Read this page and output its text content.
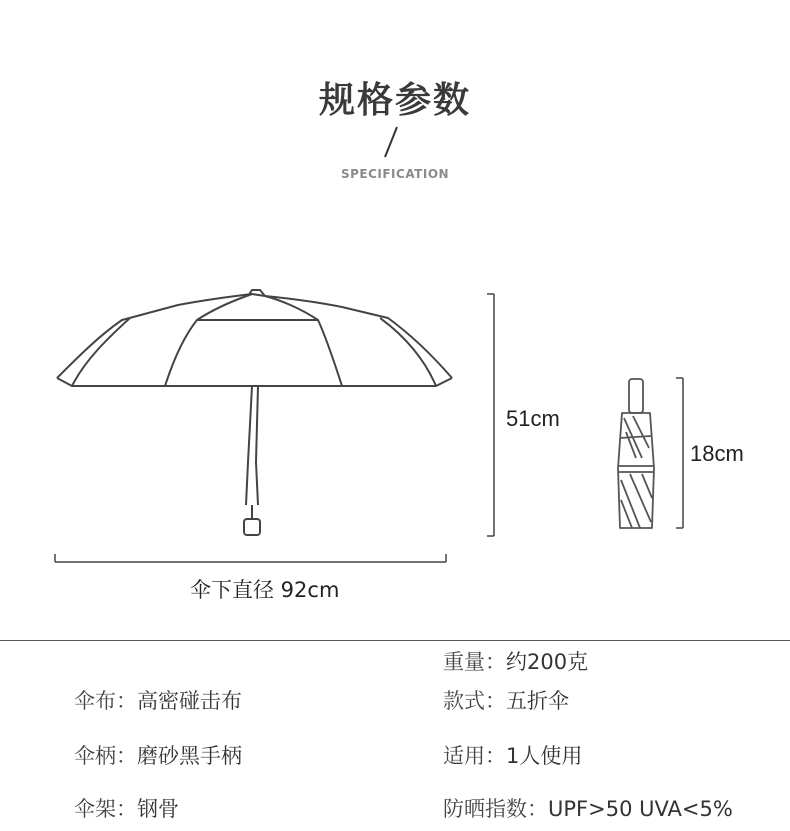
规格参数
SPECIFICATION
51cm
18cm
伞下直径 92cm
重量：约200克
款式：五折伞
适用：1人使用
防晒指数：UPF>50 UVA<5%
伞布：高密碰击布
伞柄：磨砂黑手柄
伞架：钢骨
